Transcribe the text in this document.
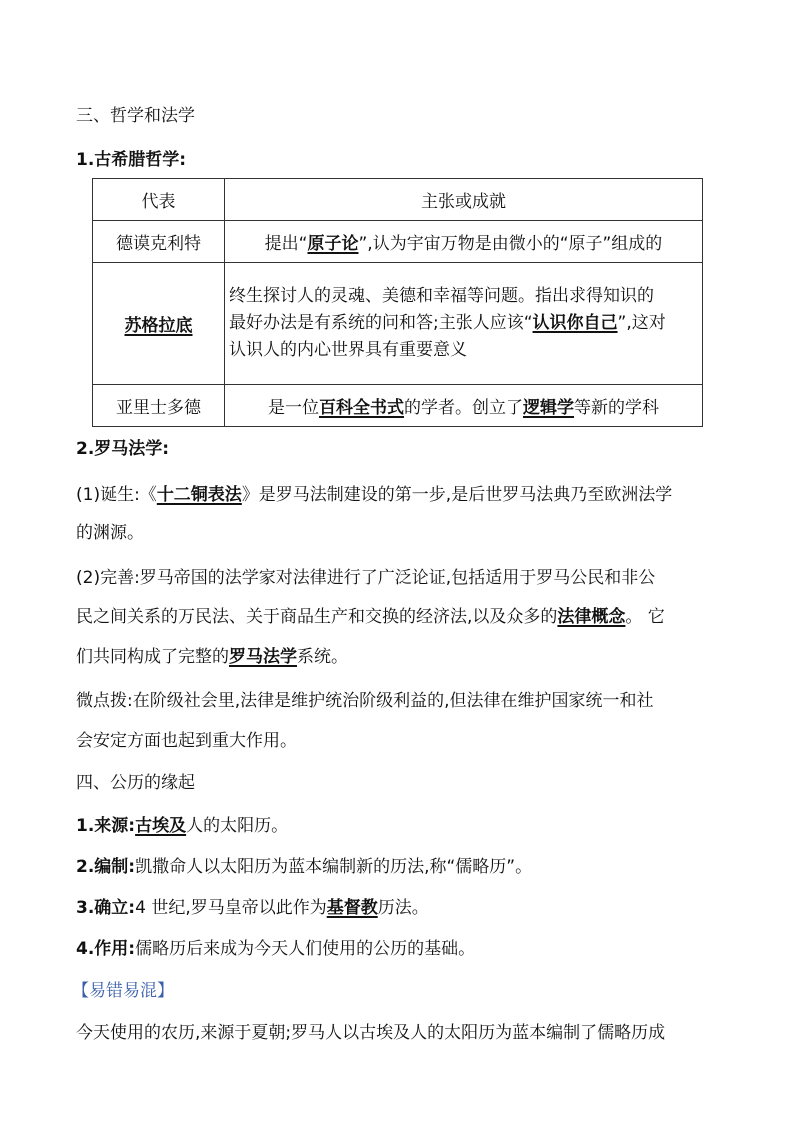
三、哲学和法学
1.古希腊哲学:
代表	主张或成就
德谟克利特	提出“原子论”,认为宇宙万物是由微小的“原子”组成的
苏格拉底	终生探讨人的灵魂、美德和幸福等问题。指出求得知识的
最好办法是有系统的问和答;主张人应该“认识你自己”,这对
认识人的内心世界具有重要意义

亚里士多德	是一位百科全书式的学者。创立了逻辑学等新的学科
2.罗马法学:
(1)诞生:《十二铜表法》是罗马法制建设的第一步,是后世罗马法典乃至欧洲法学
的渊源。
(2)完善:罗马帝国的法学家对法律进行了广泛论证,包括适用于罗马公民和非公
民之间关系的万民法、关于商品生产和交换的经济法,以及众多的法律概念。 它
们共同构成了完整的罗马法学系统。
微点拨:在阶级社会里,法律是维护统治阶级利益的,但法律在维护国家统一和社
会安定方面也起到重大作用。
四、公历的缘起
1.来源:古埃及人的太阳历。
2.编制:凯撒命人以太阳历为蓝本编制新的历法,称“儒略历”。
3.确立:4 世纪,罗马皇帝以此作为基督教历法。
4.作用:儒略历后来成为今天人们使用的公历的基础。
【易错易混】
今天使用的农历,来源于夏朝;罗马人以古埃及人的太阳历为蓝本编制了儒略历成
